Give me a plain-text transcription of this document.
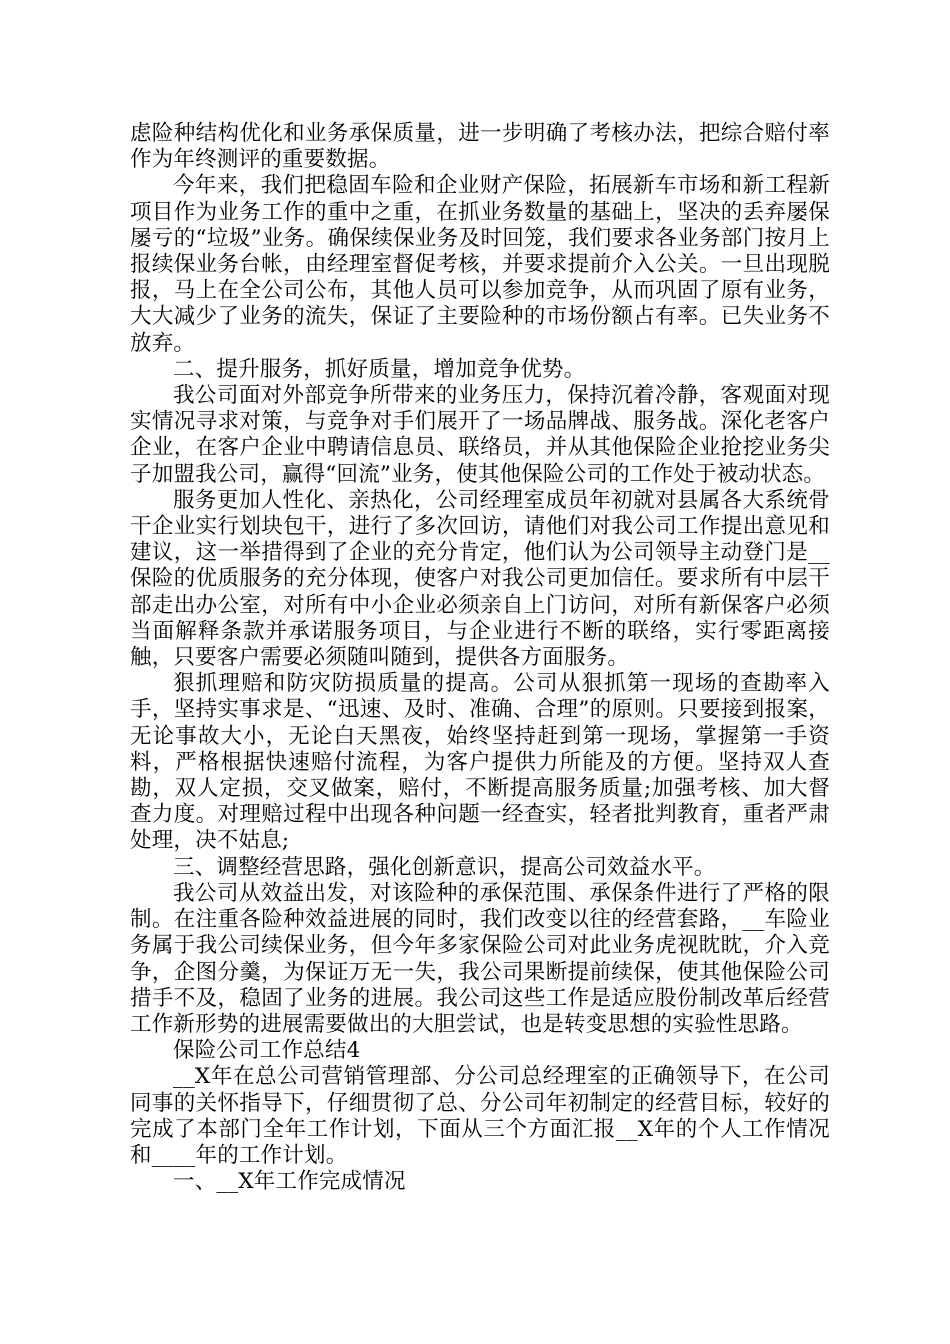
虑险种结构优化和业务承保质量，进一步明确了考核办法，把综合赔付率作为年终测评的重要数据。

今年来，我们把稳固车险和企业财产保险，拓展新车市场和新工程新项目作为业务工作的重中之重，在抓业务数量的基础上，坚决的丢弃屡保屡亏的“垃圾”业务。确保续保业务及时回笼，我们要求各业务部门按月上报续保业务台帐，由经理室督促考核，并要求提前介入公关。一旦出现脱报，马上在全公司公布，其他人员可以参加竞争，从而巩固了原有业务，大大减少了业务的流失，保证了主要险种的市场份额占有率。已失业务不放弃。

二、提升服务，抓好质量，增加竞争优势。

我公司面对外部竞争所带来的业务压力，保持沉着冷静，客观面对现实情况寻求对策，与竞争对手们展开了一场品牌战、服务战。深化老客户企业，在客户企业中聘请信息员、联络员，并从其他保险企业抢挖业务尖子加盟我公司，赢得“回流”业务，使其他保险公司的工作处于被动状态。

服务更加人性化、亲热化，公司经理室成员年初就对县属各大系统骨干企业实行划块包干，进行了多次回访，请他们对我公司工作提出意见和建议，这一举措得到了企业的充分肯定，他们认为公司领导主动登门是__保险的优质服务的充分体现，使客户对我公司更加信任。要求所有中层干部走出办公室，对所有中小企业必须亲自上门访问，对所有新保客户必须当面解释条款并承诺服务项目，与企业进行不断的联络，实行零距离接触，只要客户需要必须随叫随到，提供各方面服务。

狠抓理赔和防灾防损质量的提高。公司从狠抓第一现场的查勘率入手，坚持实事求是、“迅速、及时、准确、合理”的原则。只要接到报案，无论事故大小，无论白天黑夜，始终坚持赶到第一现场，掌握第一手资料，严格根据快速赔付流程，为客户提供力所能及的方便。坚持双人查勘，双人定损，交叉做案，赔付，不断提高服务质量;加强考核、加大督查力度。对理赔过程中出现各种问题一经查实，轻者批判教育，重者严肃处理，决不姑息;

三、调整经营思路，强化创新意识，提高公司效益水平。

我公司从效益出发，对该险种的承保范围、承保条件进行了严格的限制。在注重各险种效益进展的同时，我们改变以往的经营套路，__车险业务属于我公司续保业务，但今年多家保险公司对此业务虎视眈眈，介入竞争，企图分羹，为保证万无一失，我公司果断提前续保，使其他保险公司措手不及，稳固了业务的进展。我公司这些工作是适应股份制改革后经营工作新形势的进展需要做出的大胆尝试，也是转变思想的实验性思路。

保险公司工作总结4

__X年在总公司营销管理部、分公司总经理室的正确领导下，在公司同事的关怀指导下，仔细贯彻了总、分公司年初制定的经营目标，较好的完成了本部门全年工作计划，下面从三个方面汇报__X年的个人工作情况和____年的工作计划。

一、__X年工作完成情况
